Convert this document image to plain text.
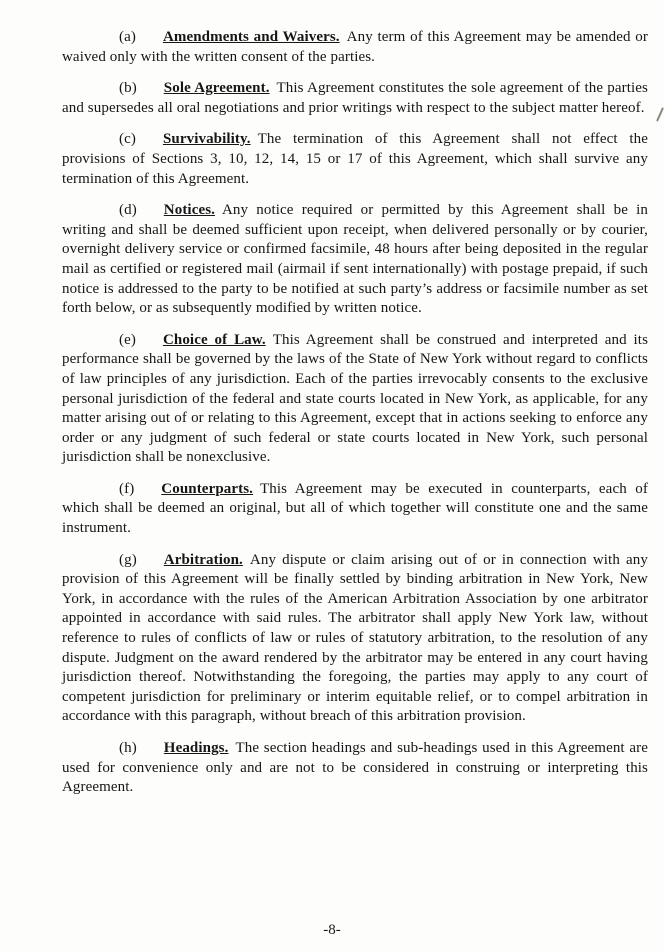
(a) Amendments and Waivers. Any term of this Agreement may be amended or waived only with the written consent of the parties.

(b) Sole Agreement. This Agreement constitutes the sole agreement of the parties and supersedes all oral negotiations and prior writings with respect to the subject matter hereof.

(c) Survivability. The termination of this Agreement shall not effect the provisions of Sections 3, 10, 12, 14, 15 or 17 of this Agreement, which shall survive any termination of this Agreement.

(d) Notices. Any notice required or permitted by this Agreement shall be in writing and shall be deemed sufficient upon receipt, when delivered personally or by courier, overnight delivery service or confirmed facsimile, 48 hours after being deposited in the regular mail as certified or registered mail (airmail if sent internationally) with postage prepaid, if such notice is addressed to the party to be notified at such party’s address or facsimile number as set forth below, or as subsequently modified by written notice.

(e) Choice of Law. This Agreement shall be construed and interpreted and its performance shall be governed by the laws of the State of New York without regard to conflicts of law principles of any jurisdiction. Each of the parties irrevocably consents to the exclusive personal jurisdiction of the federal and state courts located in New York, as applicable, for any matter arising out of or relating to this Agreement, except that in actions seeking to enforce any order or any judgment of such federal or state courts located in New York, such personal jurisdiction shall be nonexclusive.

(f) Counterparts. This Agreement may be executed in counterparts, each of which shall be deemed an original, but all of which together will constitute one and the same instrument.

(g) Arbitration. Any dispute or claim arising out of or in connection with any provision of this Agreement will be finally settled by binding arbitration in New York, New York, in accordance with the rules of the American Arbitration Association by one arbitrator appointed in accordance with said rules. The arbitrator shall apply New York law, without reference to rules of conflicts of law or rules of statutory arbitration, to the resolution of any dispute. Judgment on the award rendered by the arbitrator may be entered in any court having jurisdiction thereof. Notwithstanding the foregoing, the parties may apply to any court of competent jurisdiction for preliminary or interim equitable relief, or to compel arbitration in accordance with this paragraph, without breach of this arbitration provision.

(h) Headings. The section headings and sub-headings used in this Agreement are used for convenience only and are not to be considered in construing or interpreting this Agreement.

-8-
